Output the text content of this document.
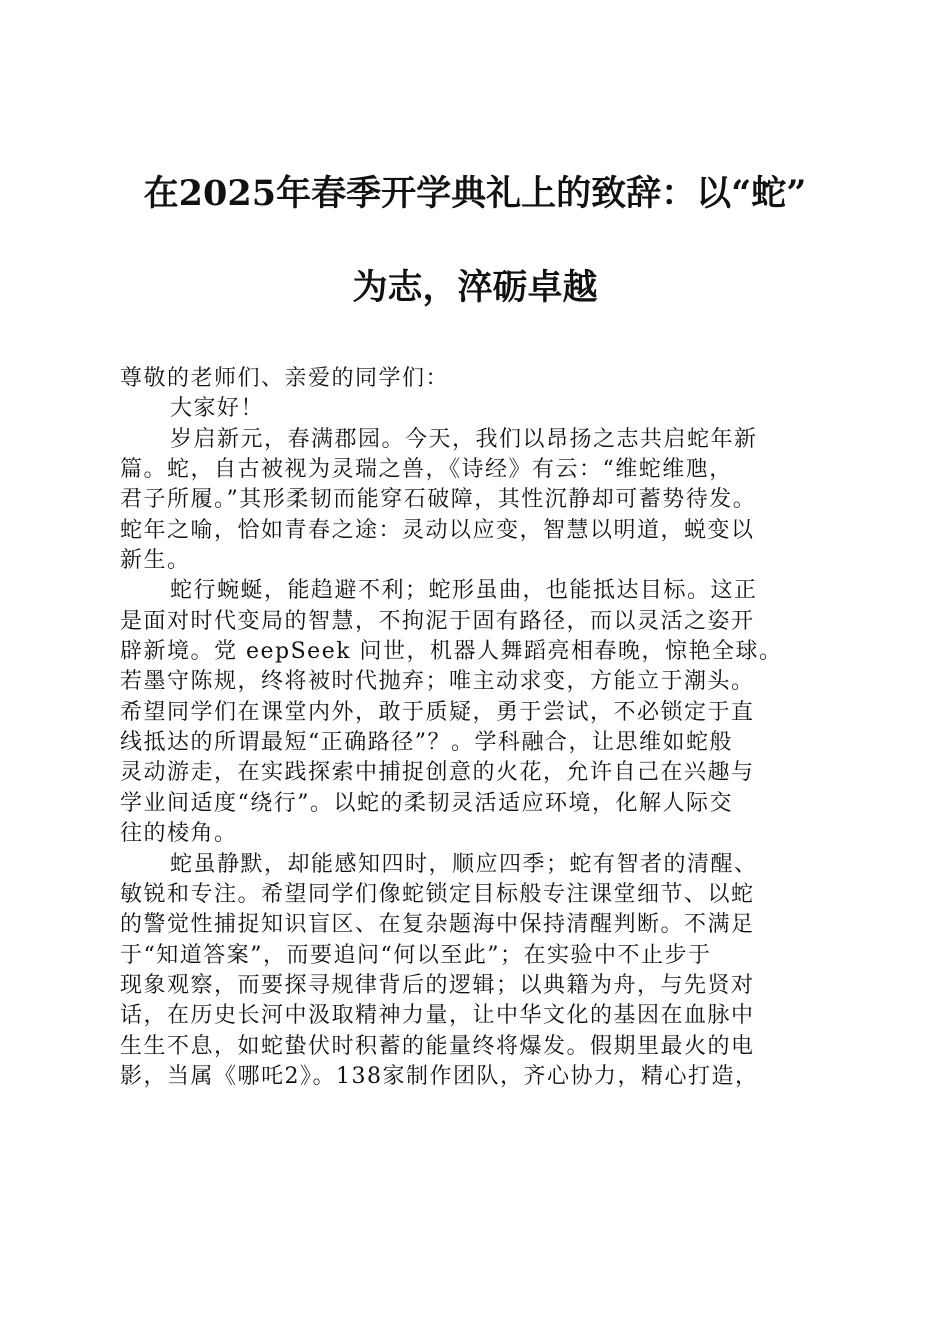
在2025年春季开学典礼上的致辞：以“蛇”
为志，淬砺卓越
尊敬的老师们、亲爱的同学们：
大家好！
岁启新元，春满郡园。今天，我们以昂扬之志共启蛇年新
篇。蛇，自古被视为灵瑞之兽，《诗经》有云：“维蛇维虺，
君子所履。”其形柔韧而能穿石破障，其性沉静却可蓄势待发。
蛇年之喻，恰如青春之途：灵动以应变，智慧以明道，蜕变以
新生。
蛇行蜿蜒，能趋避不利；蛇形虽曲，也能抵达目标。这正
是面对时代变局的智慧，不拘泥于固有路径，而以灵活之姿开
辟新境。党 eepSeek 问世，机器人舞蹈亮相春晚，惊艳全球。
若墨守陈规，终将被时代抛弃；唯主动求变，方能立于潮头。
希望同学们在课堂内外，敢于质疑，勇于尝试，不必锁定于直
线抵达的所谓最短“正确路径”？。学科融合，让思维如蛇般
灵动游走，在实践探索中捕捉创意的火花，允许自己在兴趣与
学业间适度“绕行”。以蛇的柔韧灵活适应环境，化解人际交
往的棱角。
蛇虽静默，却能感知四时，顺应四季；蛇有智者的清醒、
敏锐和专注。希望同学们像蛇锁定目标般专注课堂细节、以蛇
的警觉性捕捉知识盲区、在复杂题海中保持清醒判断。不满足
于“知道答案”，而要追问“何以至此”；在实验中不止步于
现象观察，而要探寻规律背后的逻辑；以典籍为舟，与先贤对
话，在历史长河中汲取精神力量，让中华文化的基因在血脉中
生生不息，如蛇蛰伏时积蓄的能量终将爆发。假期里最火的电
影，当属《哪吒2》。138家制作团队，齐心协力，精心打造，
